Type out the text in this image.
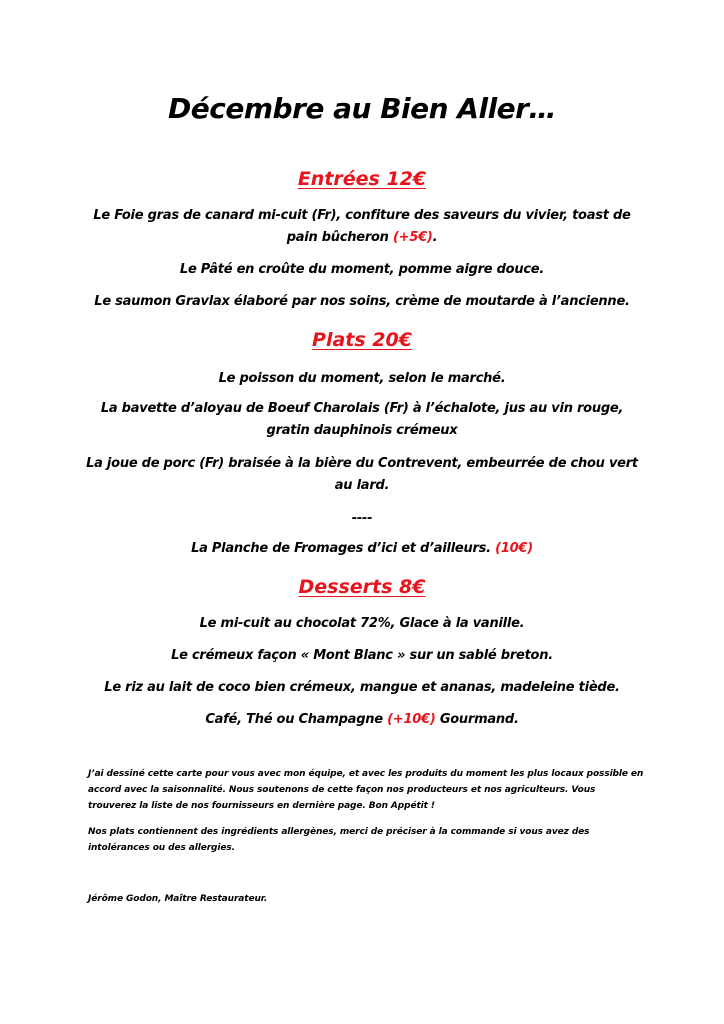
Décembre au Bien Aller…
Entrées 12€
Le Foie gras de canard mi-cuit (Fr), confiture des saveurs du vivier, toast de
pain bûcheron (+5€).
Le Pâté en croûte du moment, pomme aigre douce.
Le saumon Gravlax élaboré par nos soins, crème de moutarde à l’ancienne.
Plats 20€
Le poisson du moment, selon le marché.
La bavette d’aloyau de Boeuf Charolais (Fr) à l’échalote, jus au vin rouge,
gratin dauphinois crémeux
La joue de porc (Fr) braisée à la bière du Contrevent, embeurrée de chou vert
au lard.
----
La Planche de Fromages d’ici et d’ailleurs. (10€)
Desserts 8€
Le mi-cuit au chocolat 72%, Glace à la vanille.
Le crémeux façon « Mont Blanc » sur un sablé breton.
Le riz au lait de coco bien crémeux, mangue et ananas, madeleine tiède.
Café, Thé ou Champagne (+10€) Gourmand.
J’ai dessiné cette carte pour vous avec mon équipe, et avec les produits du moment les plus locaux possible en
accord avec la saisonnalité. Nous soutenons de cette façon nos producteurs et nos agriculteurs. Vous
trouverez la liste de nos fournisseurs en dernière page. Bon Appétit !
Nos plats contiennent des ingrédients allergènes, merci de préciser à la commande si vous avez des
intolérances ou des allergies.
Jérôme Godon, Maître Restaurateur.
